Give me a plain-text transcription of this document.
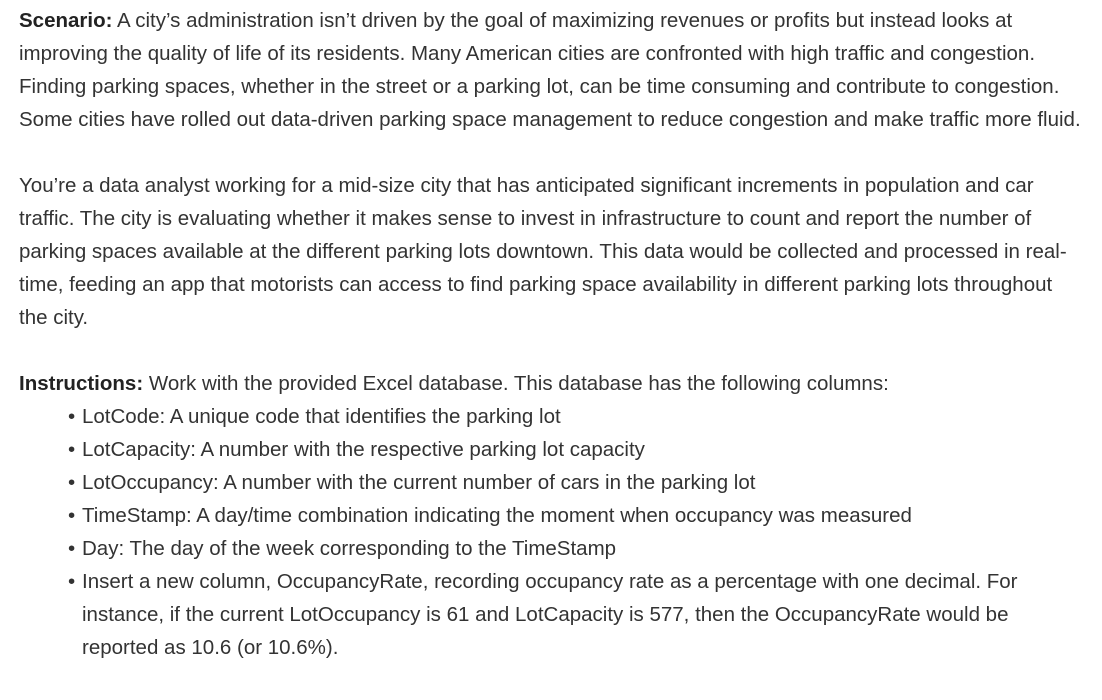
Scenario: A city’s administration isn’t driven by the goal of maximizing revenues or profits but instead looks at improving the quality of life of its residents. Many American cities are confronted with high traffic and congestion. Finding parking spaces, whether in the street or a parking lot, can be time consuming and contribute to congestion. Some cities have rolled out data-driven parking space management to reduce congestion and make traffic more fluid.

You’re a data analyst working for a mid-size city that has anticipated significant increments in population and car traffic. The city is evaluating whether it makes sense to invest in infrastructure to count and report the number of parking spaces available at the different parking lots downtown. This data would be collected and processed in real-time, feeding an app that motorists can access to find parking space availability in different parking lots throughout the city.

Instructions: Work with the provided Excel database. This database has the following columns:

• LotCode: A unique code that identifies the parking lot
• LotCapacity: A number with the respective parking lot capacity
• LotOccupancy: A number with the current number of cars in the parking lot
• TimeStamp: A day/time combination indicating the moment when occupancy was measured
• Day: The day of the week corresponding to the TimeStamp
• Insert a new column, OccupancyRate, recording occupancy rate as a percentage with one decimal. For instance, if the current LotOccupancy is 61 and LotCapacity is 577, then the OccupancyRate would be reported as 10.6 (or 10.6%).
